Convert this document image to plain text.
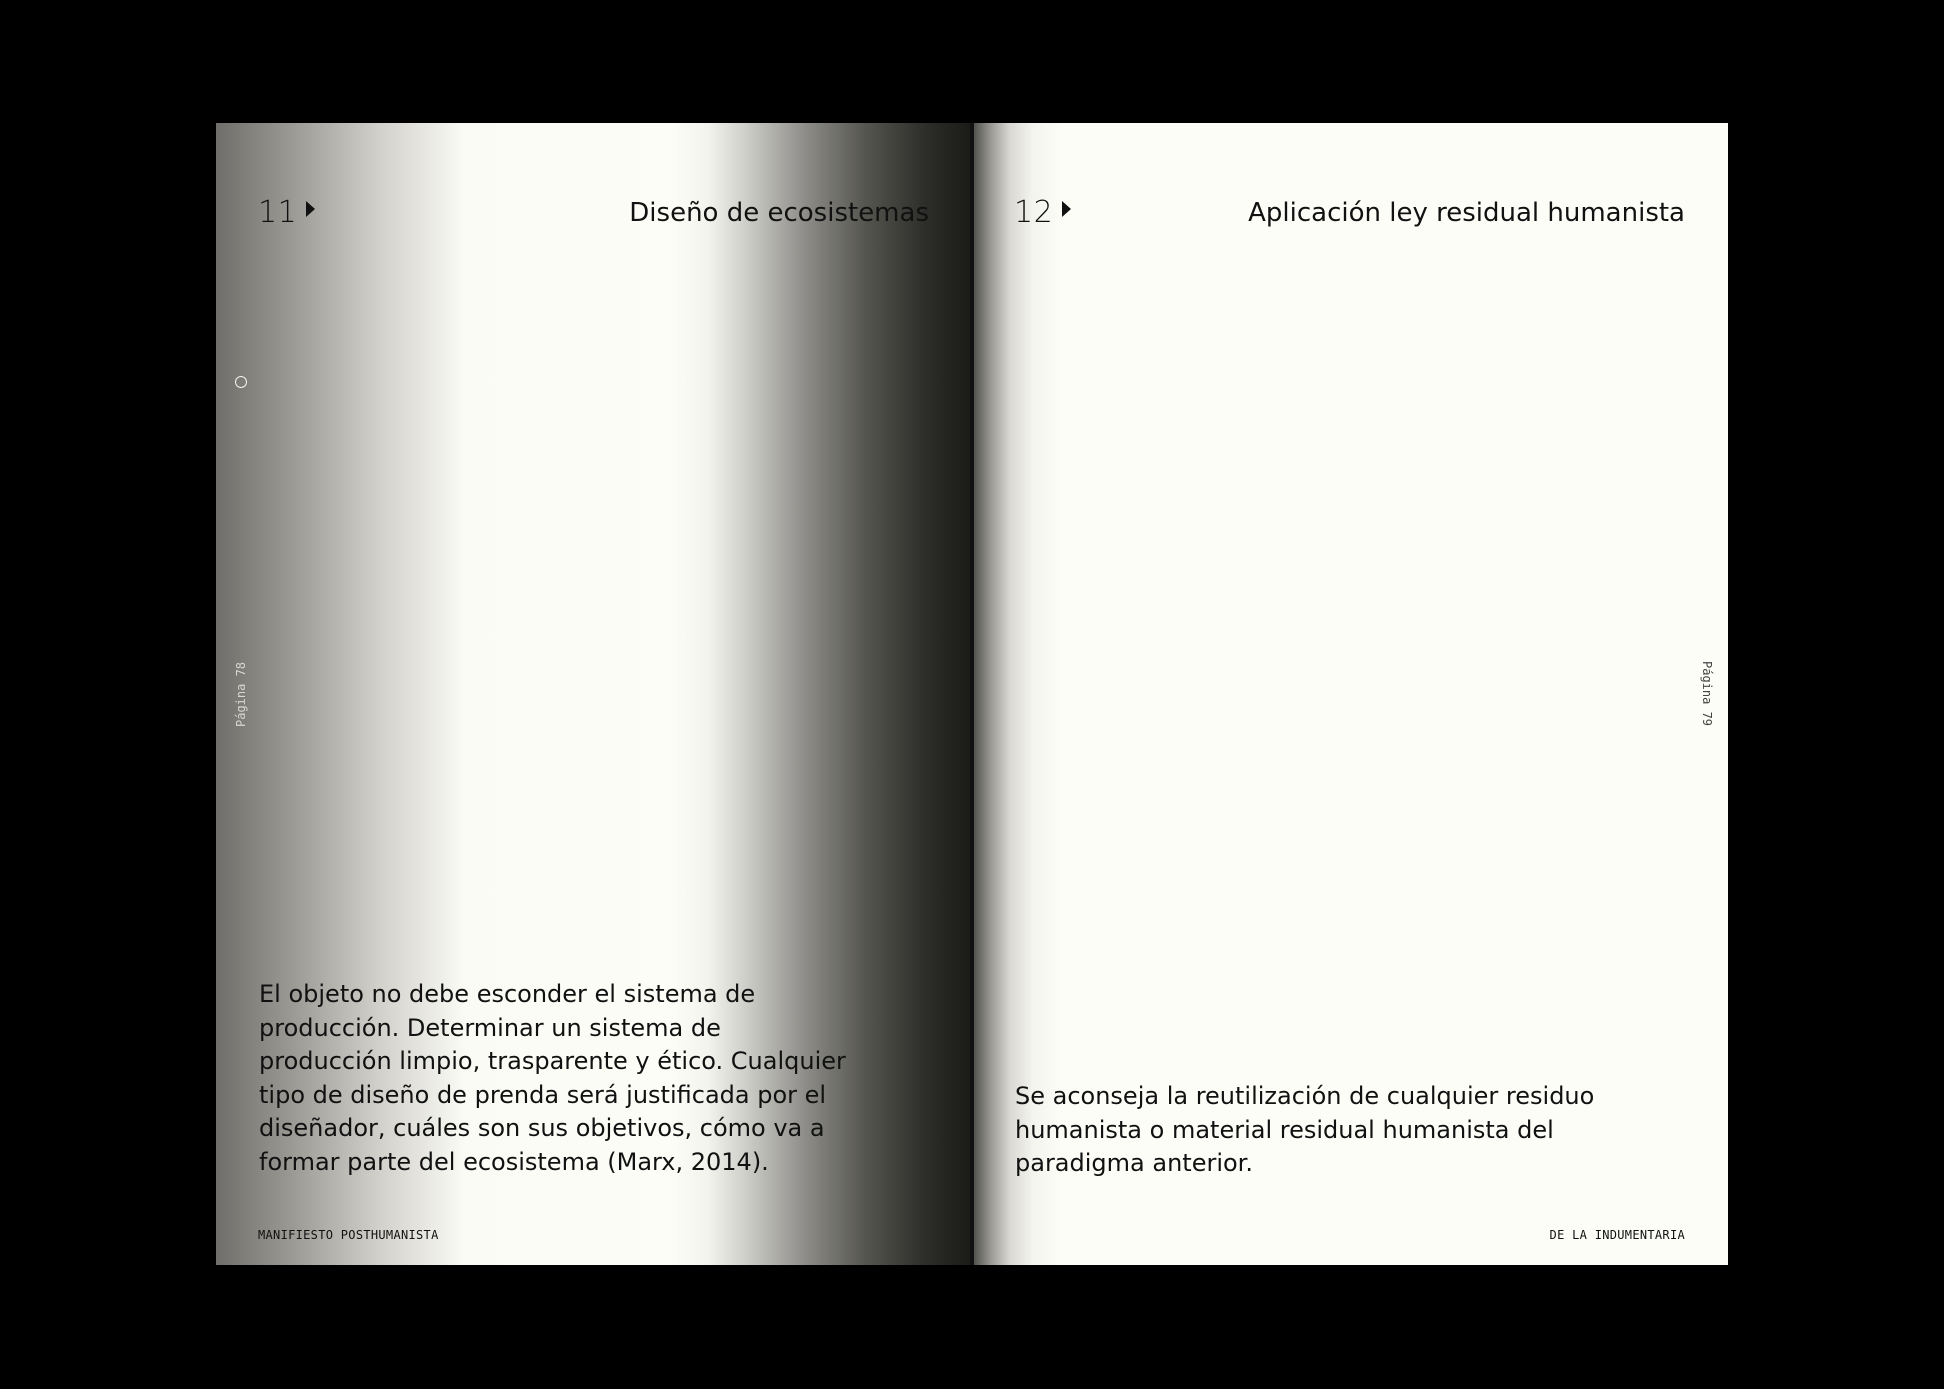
11	Diseño de ecosistemas
Página 78

El objeto no debe esconder el sistema de
producción. Determinar un sistema de
producción limpio, trasparente y ético. Cualquier
tipo de diseño de prenda será justificada por el
diseñador, cuáles son sus objetivos, cómo va a
formar parte del ecosistema (Marx, 2014).

MANIFIESTO POSTHUMANISTA
12	Aplicación ley residual humanista
Página 79

Se aconseja la reutilización de cualquier residuo
humanista o material residual humanista del
paradigma anterior.

DE LA INDUMENTARIA
